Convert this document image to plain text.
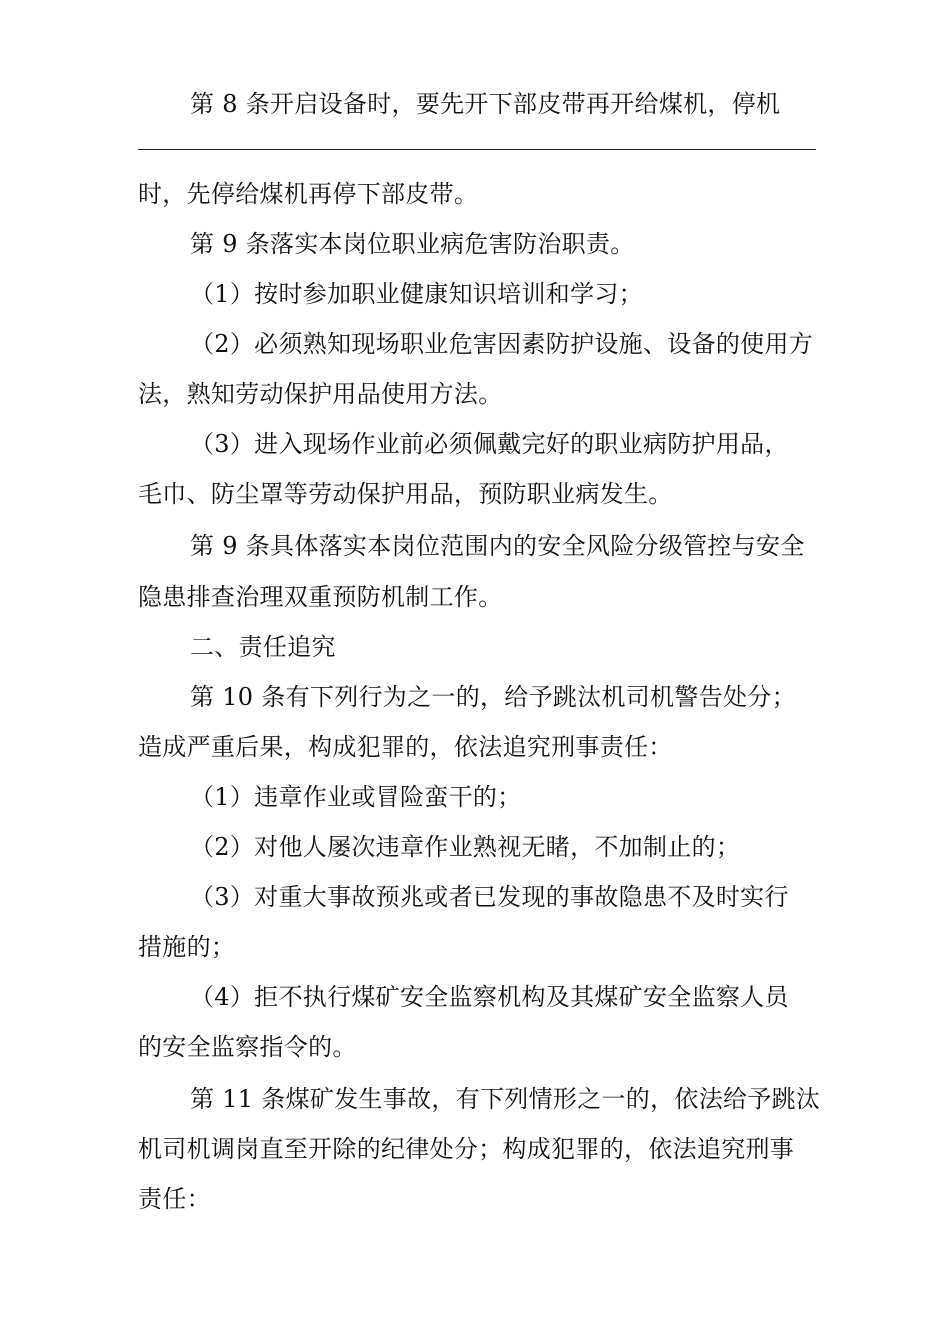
第 8 条开启设备时，要先开下部皮带再开给煤机，停机
时，先停给煤机再停下部皮带。
第 9 条落实本岗位职业病危害防治职责。
（1）按时参加职业健康知识培训和学习；
（2）必须熟知现场职业危害因素防护设施、设备的使用方
法，熟知劳动保护用品使用方法。
（3）进入现场作业前必须佩戴完好的职业病防护用品，
毛巾、防尘罩等劳动保护用品，预防职业病发生。
第 9 条具体落实本岗位范围内的安全风险分级管控与安全
隐患排查治理双重预防机制工作。
二、责任追究
第 10 条有下列行为之一的，给予跳汰机司机警告处分；
造成严重后果，构成犯罪的，依法追究刑事责任：
（1）违章作业或冒险蛮干的；
（2）对他人屡次违章作业熟视无睹，不加制止的；
（3）对重大事故预兆或者已发现的事故隐患不及时实行
措施的；
（4）拒不执行煤矿安全监察机构及其煤矿安全监察人员
的安全监察指令的。
第 11 条煤矿发生事故，有下列情形之一的，依法给予跳汰
机司机调岗直至开除的纪律处分；构成犯罪的，依法追究刑事
责任：
